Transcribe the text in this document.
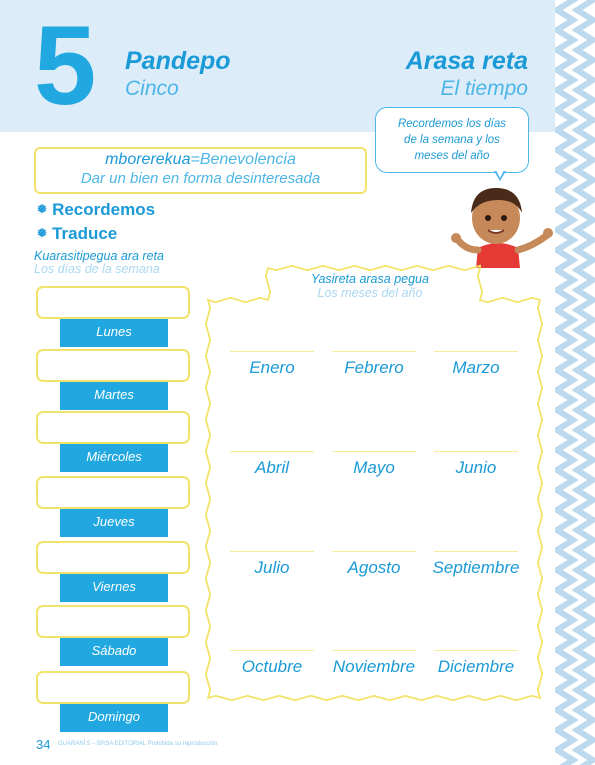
5 Pandepo
Cinco
Arasa reta
El tiempo
Recordemos los días
de la semana y los
meses del año
mborerekua=Benevolencia
Dar un bien en forma desinteresada
❅ Recordemos
❅ Traduce
Kuarasitipegua ara reta
Los días de la semana
Lunes
Martes
Miércoles
Jueves
Viernes
Sábado
Domingo
Yasireta arasa pegua
Los meses del año
Enero	Febrero	Marzo
Abril	Mayo	Junio
Julio	Agosto	Septiembre
Octubre	Noviembre	Diciembre
34 GUARANÍ 5 – BRSA EDITORIAL Prohibida su reproducción
